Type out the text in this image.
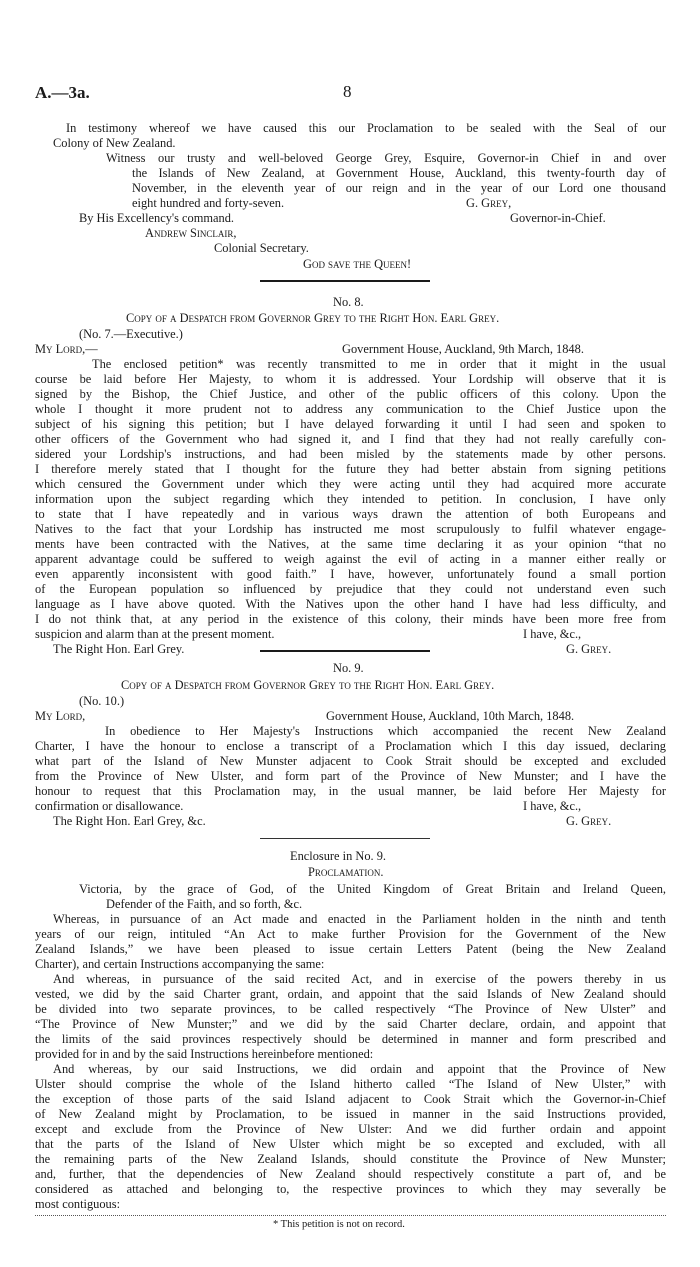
A.—3a.	8
In testimony whereof we have caused this our Proclamation to be sealed with the Seal of our
Colony of New Zealand.
Witness our trusty and well-beloved George Grey, Esquire, Governor-in Chief in and over
the Islands of New Zealand, at Government House, Auckland, this twenty-fourth day of
November, in the eleventh year of our reign and in the year of our Lord one thousand
eight hundred and forty-seven.	G. Grey,
By His Excellency's command.	Governor-in-Chief.
Andrew Sinclair,
Colonial Secretary.
God save the Queen!
No. 8.
Copy of a Despatch from Governor Grey to the Right Hon. Earl Grey.
(No. 7.—Executive.)
My Lord,—	Government House, Auckland, 9th March, 1848.
The enclosed petition* was recently transmitted to me in order that it might in the usual
course be laid before Her Majesty, to whom it is addressed. Your Lordship will observe that it is
signed by the Bishop, the Chief Justice, and other of the public officers of this colony. Upon the
whole I thought it more prudent not to address any communication to the Chief Justice upon the
subject of his signing this petition; but I have delayed forwarding it until I had seen and spoken to
other officers of the Government who had signed it, and I find that they had not really carefully con-
sidered your Lordship's instructions, and had been misled by the statements made by other persons.
I therefore merely stated that I thought for the future they had better abstain from signing petitions
which censured the Government under which they were acting until they had acquired more accurate
information upon the subject regarding which they intended to petition. In conclusion, I have only
to state that I have repeatedly and in various ways drawn the attention of both Europeans and
Natives to the fact that your Lordship has instructed me most scrupulously to fulfil whatever engage-
ments have been contracted with the Natives, at the same time declaring it as your opinion “that no
apparent advantage could be suffered to weigh against the evil of acting in a manner either really or
even apparently inconsistent with good faith.” I have, however, unfortunately found a small portion
of the European population so influenced by prejudice that they could not understand even such
language as I have above quoted. With the Natives upon the other hand I have had less difficulty, and
I do not think that, at any period in the existence of this colony, their minds have been more free from
suspicion and alarm than at the present moment.	I have, &c.,
The Right Hon. Earl Grey.	G. Grey.
No. 9.
Copy of a Despatch from Governor Grey to the Right Hon. Earl Grey.
(No. 10.)
My Lord,	Government House, Auckland, 10th March, 1848.
In obedience to Her Majesty's Instructions which accompanied the recent New Zealand
Charter, I have the honour to enclose a transcript of a Proclamation which I this day issued, declaring
what part of the Island of New Munster adjacent to Cook Strait should be excepted and excluded
from the Province of New Ulster, and form part of the Province of New Munster; and I have the
honour to request that this Proclamation may, in the usual manner, be laid before Her Majesty for
confirmation or disallowance.	I have, &c.,
The Right Hon. Earl Grey, &c.	G. Grey.
Enclosure in No. 9.
Proclamation.
Victoria, by the grace of God, of the United Kingdom of Great Britain and Ireland Queen,
Defender of the Faith, and so forth, &c.
Whereas, in pursuance of an Act made and enacted in the Parliament holden in the ninth and tenth
years of our reign, intituled “An Act to make further Provision for the Government of the New
Zealand Islands,” we have been pleased to issue certain Letters Patent (being the New Zealand
Charter), and certain Instructions accompanying the same:
And whereas, in pursuance of the said recited Act, and in exercise of the powers thereby in us
vested, we did by the said Charter grant, ordain, and appoint that the said Islands of New Zealand should
be divided into two separate provinces, to be called respectively “The Province of New Ulster” and
“The Province of New Munster;” and we did by the said Charter declare, ordain, and appoint that
the limits of the said provinces respectively should be determined in manner and form prescribed and
provided for in and by the said Instructions hereinbefore mentioned:
And whereas, by our said Instructions, we did ordain and appoint that the Province of New
Ulster should comprise the whole of the Island hitherto called “The Island of New Ulster,” with
the exception of those parts of the said Island adjacent to Cook Strait which the Governor-in-Chief
of New Zealand might by Proclamation, to be issued in manner in the said Instructions provided,
except and exclude from the Province of New Ulster: And we did further ordain and appoint
that the parts of the Island of New Ulster which might be so excepted and excluded, with all
the remaining parts of the New Zealand Islands, should constitute the Province of New Munster;
and, further, that the dependencies of New Zealand should respectively constitute a part of, and be
considered as attached and belonging to, the respective provinces to which they may severally be
most contiguous:
* This petition is not on record.
